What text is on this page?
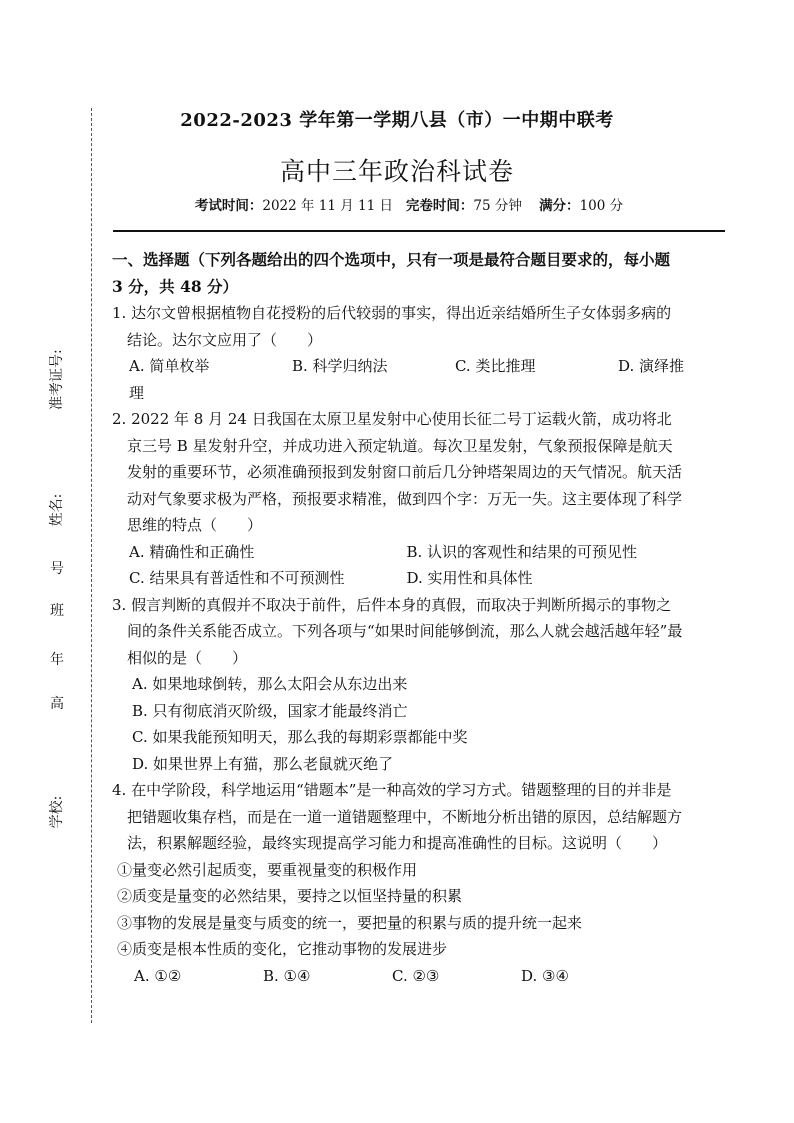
准考证号:
姓名:
号
班
年
高
学校:
2022-2023 学年第一学期八县（市）一中期中联考
高中三年政治科试卷
考试时间：2022 年 11 月 11 日 完卷时间：75 分钟 满分：100 分

一、选择题（下列各题给出的四个选项中，只有一项是最符合题目要求的，每小题 3 分，共 48 分）

1. 达尔文曾根据植物自花授粉的后代较弱的事实，得出近亲结婚所生子女体弱多病的结论。达尔文应用了（　　）

A. 简单枚举	B. 科学归纳法	C. 类比推理	D. 演绎推

理

2. 2022 年 8 月 24 日我国在太原卫星发射中心使用长征二号丁运载火箭，成功将北京三号 B 星发射升空，并成功进入预定轨道。每次卫星发射，气象预报保障是航天发射的重要环节，必须准确预报到发射窗口前后几分钟塔架周边的天气情况。航天活动对气象要求极为严格，预报要求精准，做到四个字：万无一失。这主要体现了科学思维的特点（　　）

A. 精确性和正确性	B. 认识的客观性和结果的可预见性
C. 结果具有普适性和不可预测性	D. 实用性和具体性

3. 假言判断的真假并不取决于前件，后件本身的真假，而取决于判断所揭示的事物之间的条件关系能否成立。下列各项与“如果时间能够倒流，那么人就会越活越年轻”最相似的是（　　）

A. 如果地球倒转，那么太阳会从东边出来

B. 只有彻底消灭阶级，国家才能最终消亡

C. 如果我能预知明天，那么我的每期彩票都能中奖

D. 如果世界上有猫，那么老鼠就灭绝了

4. 在中学阶段，科学地运用“错题本”是一种高效的学习方式。错题整理的目的并非是把错题收集存档，而是在一道一道错题整理中，不断地分析出错的原因，总结解题方法，积累解题经验，最终实现提高学习能力和提高准确性的目标。这说明（　　）

①量变必然引起质变，要重视量变的积极作用

②质变是量变的必然结果，要持之以恒坚持量的积累

③事物的发展是量变与质变的统一，要把量的积累与质的提升统一起来

④质变是根本性质的变化，它推动事物的发展进步

A. ①②	B. ①④	C. ②③	D. ③④
